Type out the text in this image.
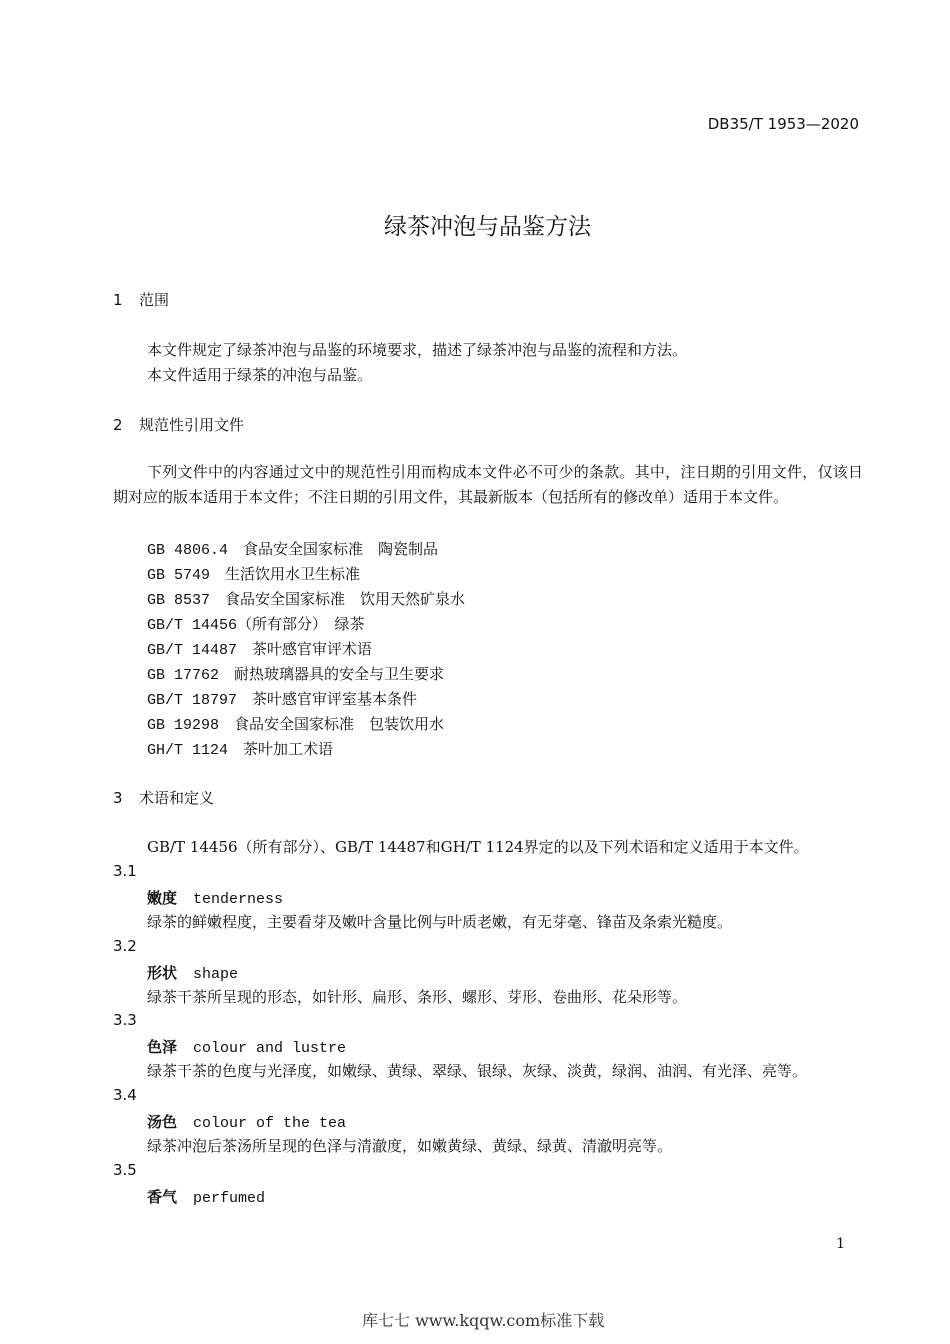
DB35/T 1953—2020
绿茶冲泡与品鉴方法
1 范围
本文件规定了绿茶冲泡与品鉴的环境要求，描述了绿茶冲泡与品鉴的流程和方法。
本文件适用于绿茶的冲泡与品鉴。
2 规范性引用文件
下列文件中的内容通过文中的规范性引用而构成本文件必不可少的条款。其中，注日期的引用文件，仅该日期对应的版本适用于本文件；不注日期的引用文件，其最新版本（包括所有的修改单）适用于本文件。
GB 4806.4　 食品安全国家标准　陶瓷制品
GB 5749　 生活饮用水卫生标准
GB 8537　 食品安全国家标准　饮用天然矿泉水
GB/T 14456（所有部分）　绿茶
GB/T 14487　 茶叶感官审评术语
GB 17762　 耐热玻璃器具的安全与卫生要求
GB/T 18797　 茶叶感官审评室基本条件
GB 19298　 食品安全国家标准　包装饮用水
GH/T 1124　 茶叶加工术语
3 术语和定义
GB/T 14456（所有部分）、GB/T 14487和GH/T 1124界定的以及下列术语和定义适用于本文件。
3.1
嫩度 tenderness
绿茶的鲜嫩程度，主要看芽及嫩叶含量比例与叶质老嫩，有无芽毫、锋苗及条索光糙度。
3.2
形状 shape
绿茶干茶所呈现的形态，如针形、扁形、条形、螺形、芽形、卷曲形、花朵形等。
3.3
色泽 colour and lustre
绿茶干茶的色度与光泽度，如嫩绿、黄绿、翠绿、银绿、灰绿、淡黄，绿润、油润、有光泽、亮等。
3.4
汤色 colour of the tea
绿茶冲泡后茶汤所呈现的色泽与清澈度，如嫩黄绿、黄绿、绿黄、清澈明亮等。
3.5
香气 perfumed
1
库七七 www.kqqw.com标准下载
